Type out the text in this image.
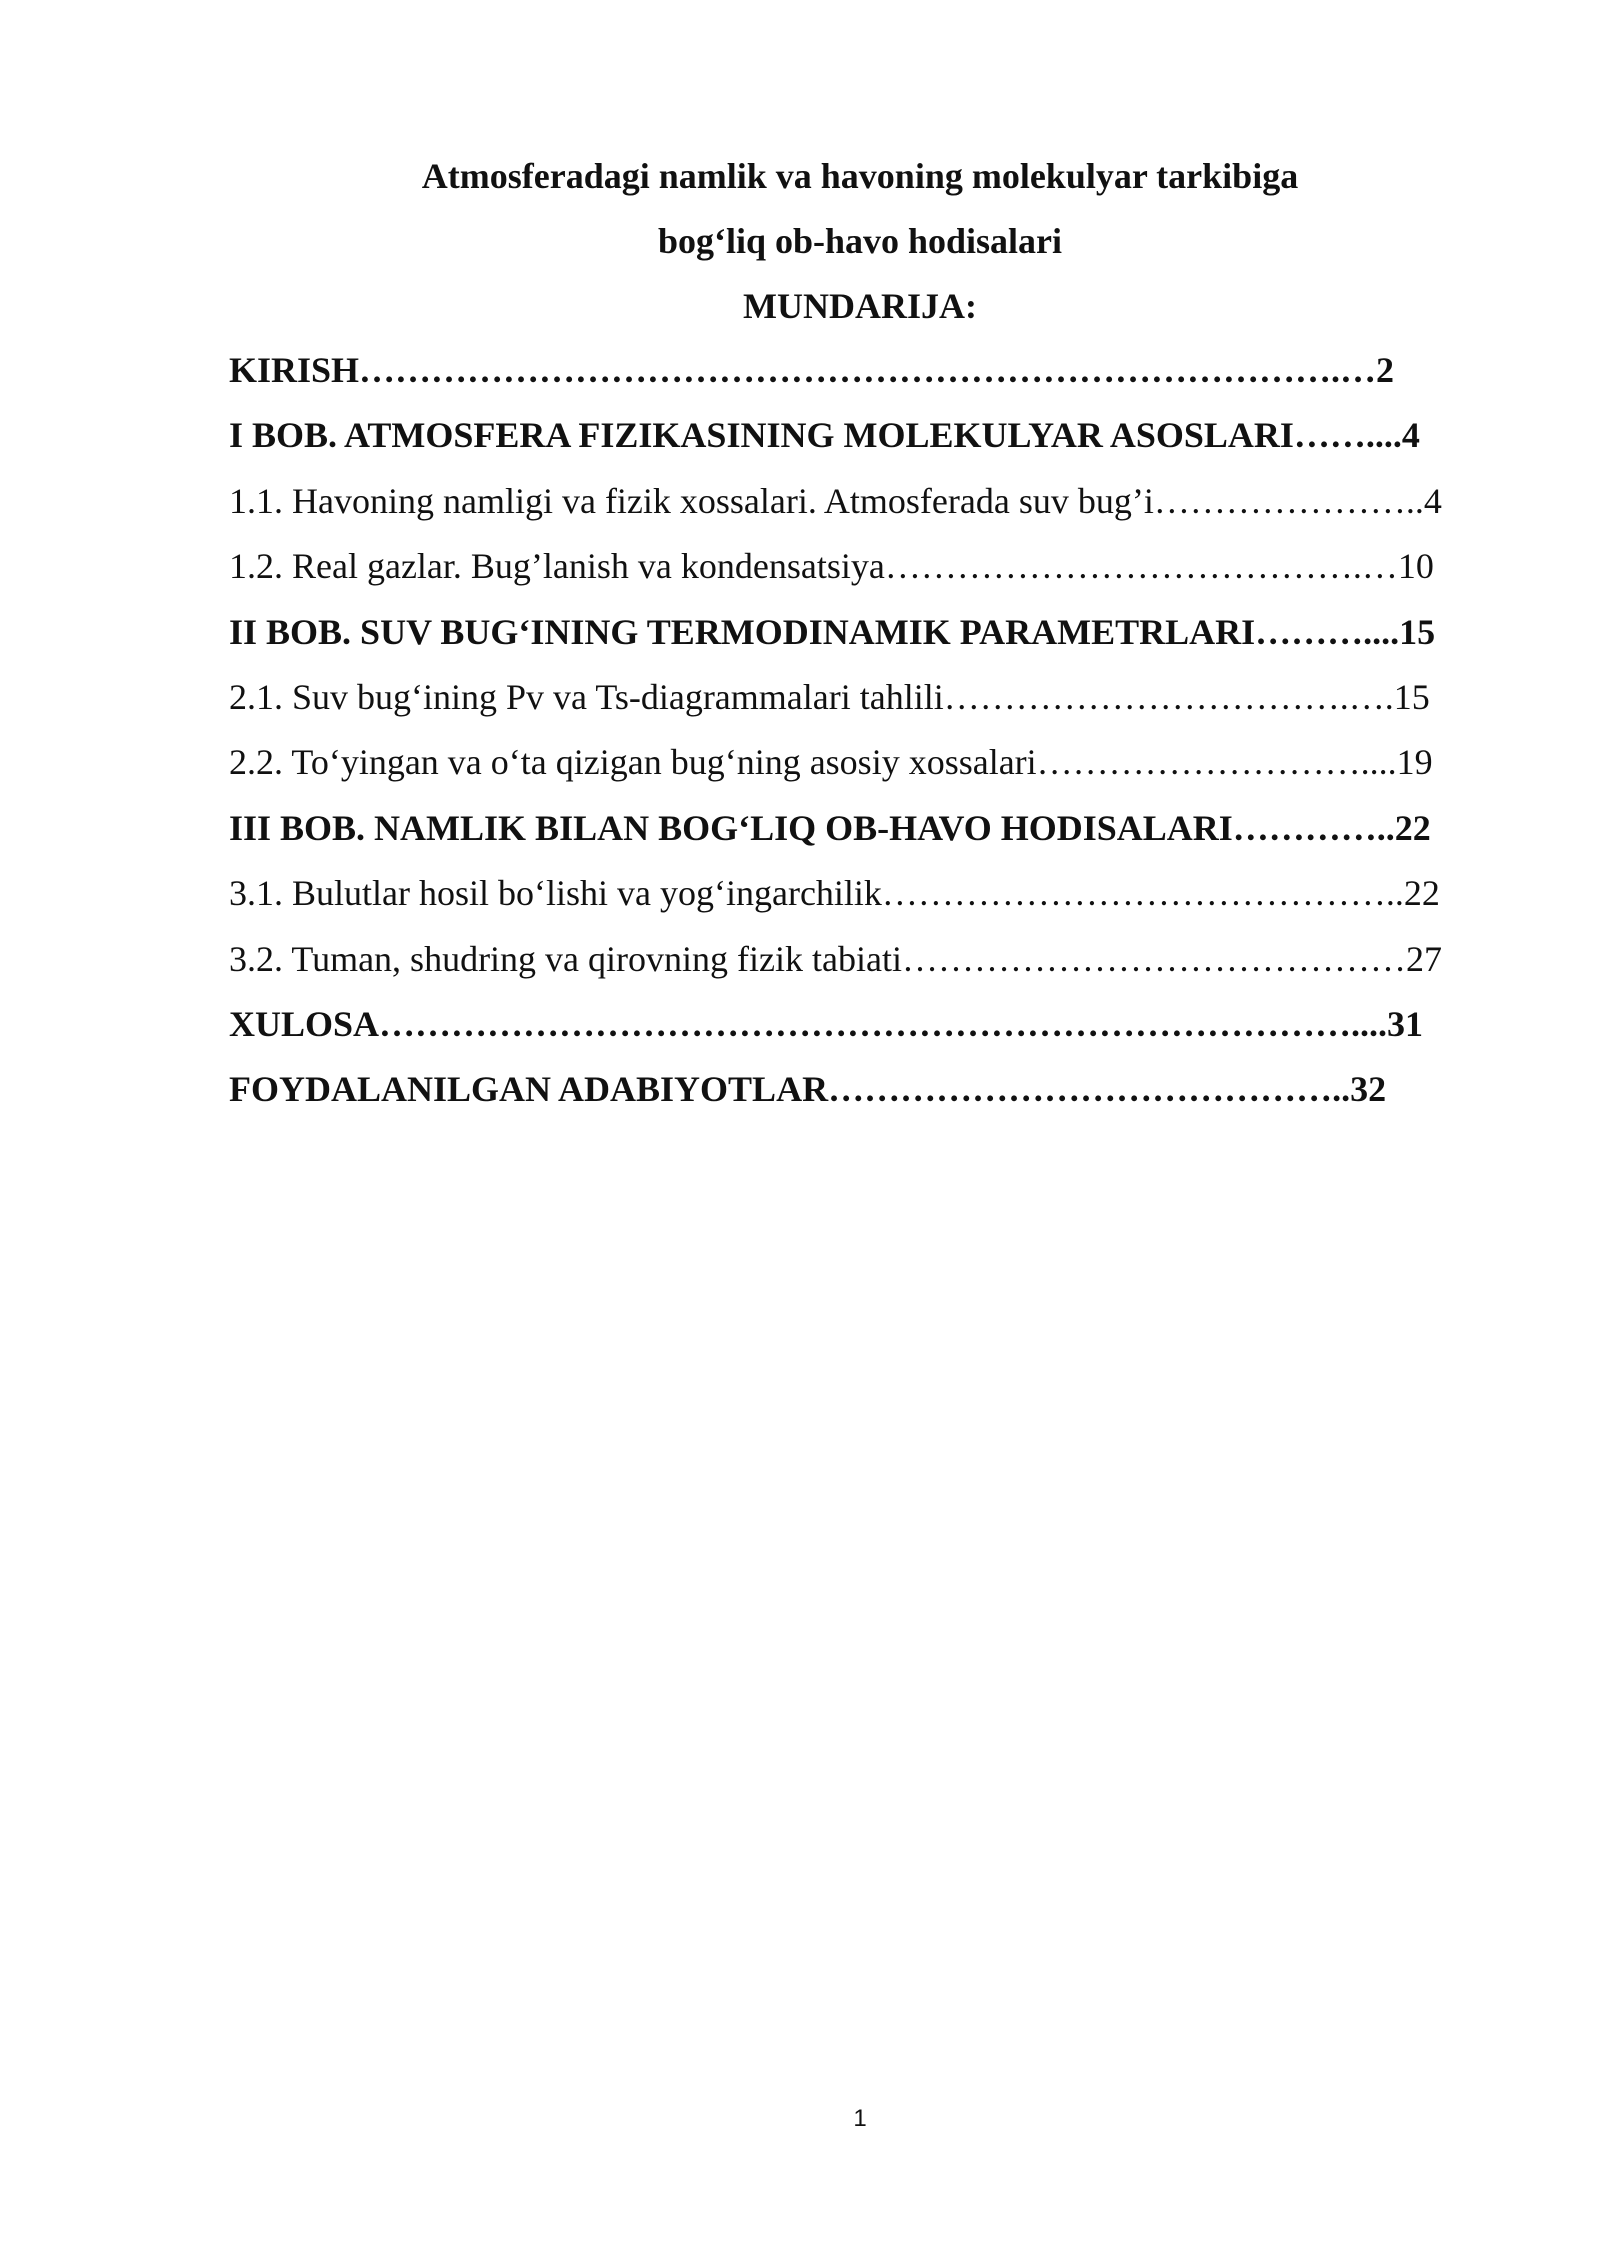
Atmosferadagi namlik va havoning molekulyar tarkibiga
bog‘liq ob-havo hodisalari
MUNDARIJA:
KIRISH……………………………………………………………………….…2
I BOB. ATMOSFERA FIZIKASINING MOLEKULYAR ASOSLARI……....4
1.1. Havoning namligi va fizik xossalari. Atmosferada suv bug’i…………………..4
1.2. Real gazlar. Bug’lanish va kondensatsiya………………………………….…10
II BOB. SUV BUG‘INING TERMODINAMIK PARAMETRLARI………....15
2.1. Suv bug‘ining Pv va Ts-diagrammalari tahlili…………………………….….15
2.2. To‘yingan va o‘ta qizigan bug‘ning asosiy xossalari………………………....19
III BOB. NAMLIK BILAN BOG‘LIQ OB-HAVO HODISALARI…………..22
3.1. Bulutlar hosil bo‘lishi va yog‘ingarchilik……………………………………..22
3.2. Tuman, shudring va qirovning fizik tabiati……………………………………27
XULOSA………………………………………………………………………....31
FOYDALANILGAN ADABIYOTLAR……………………………………..32
1
